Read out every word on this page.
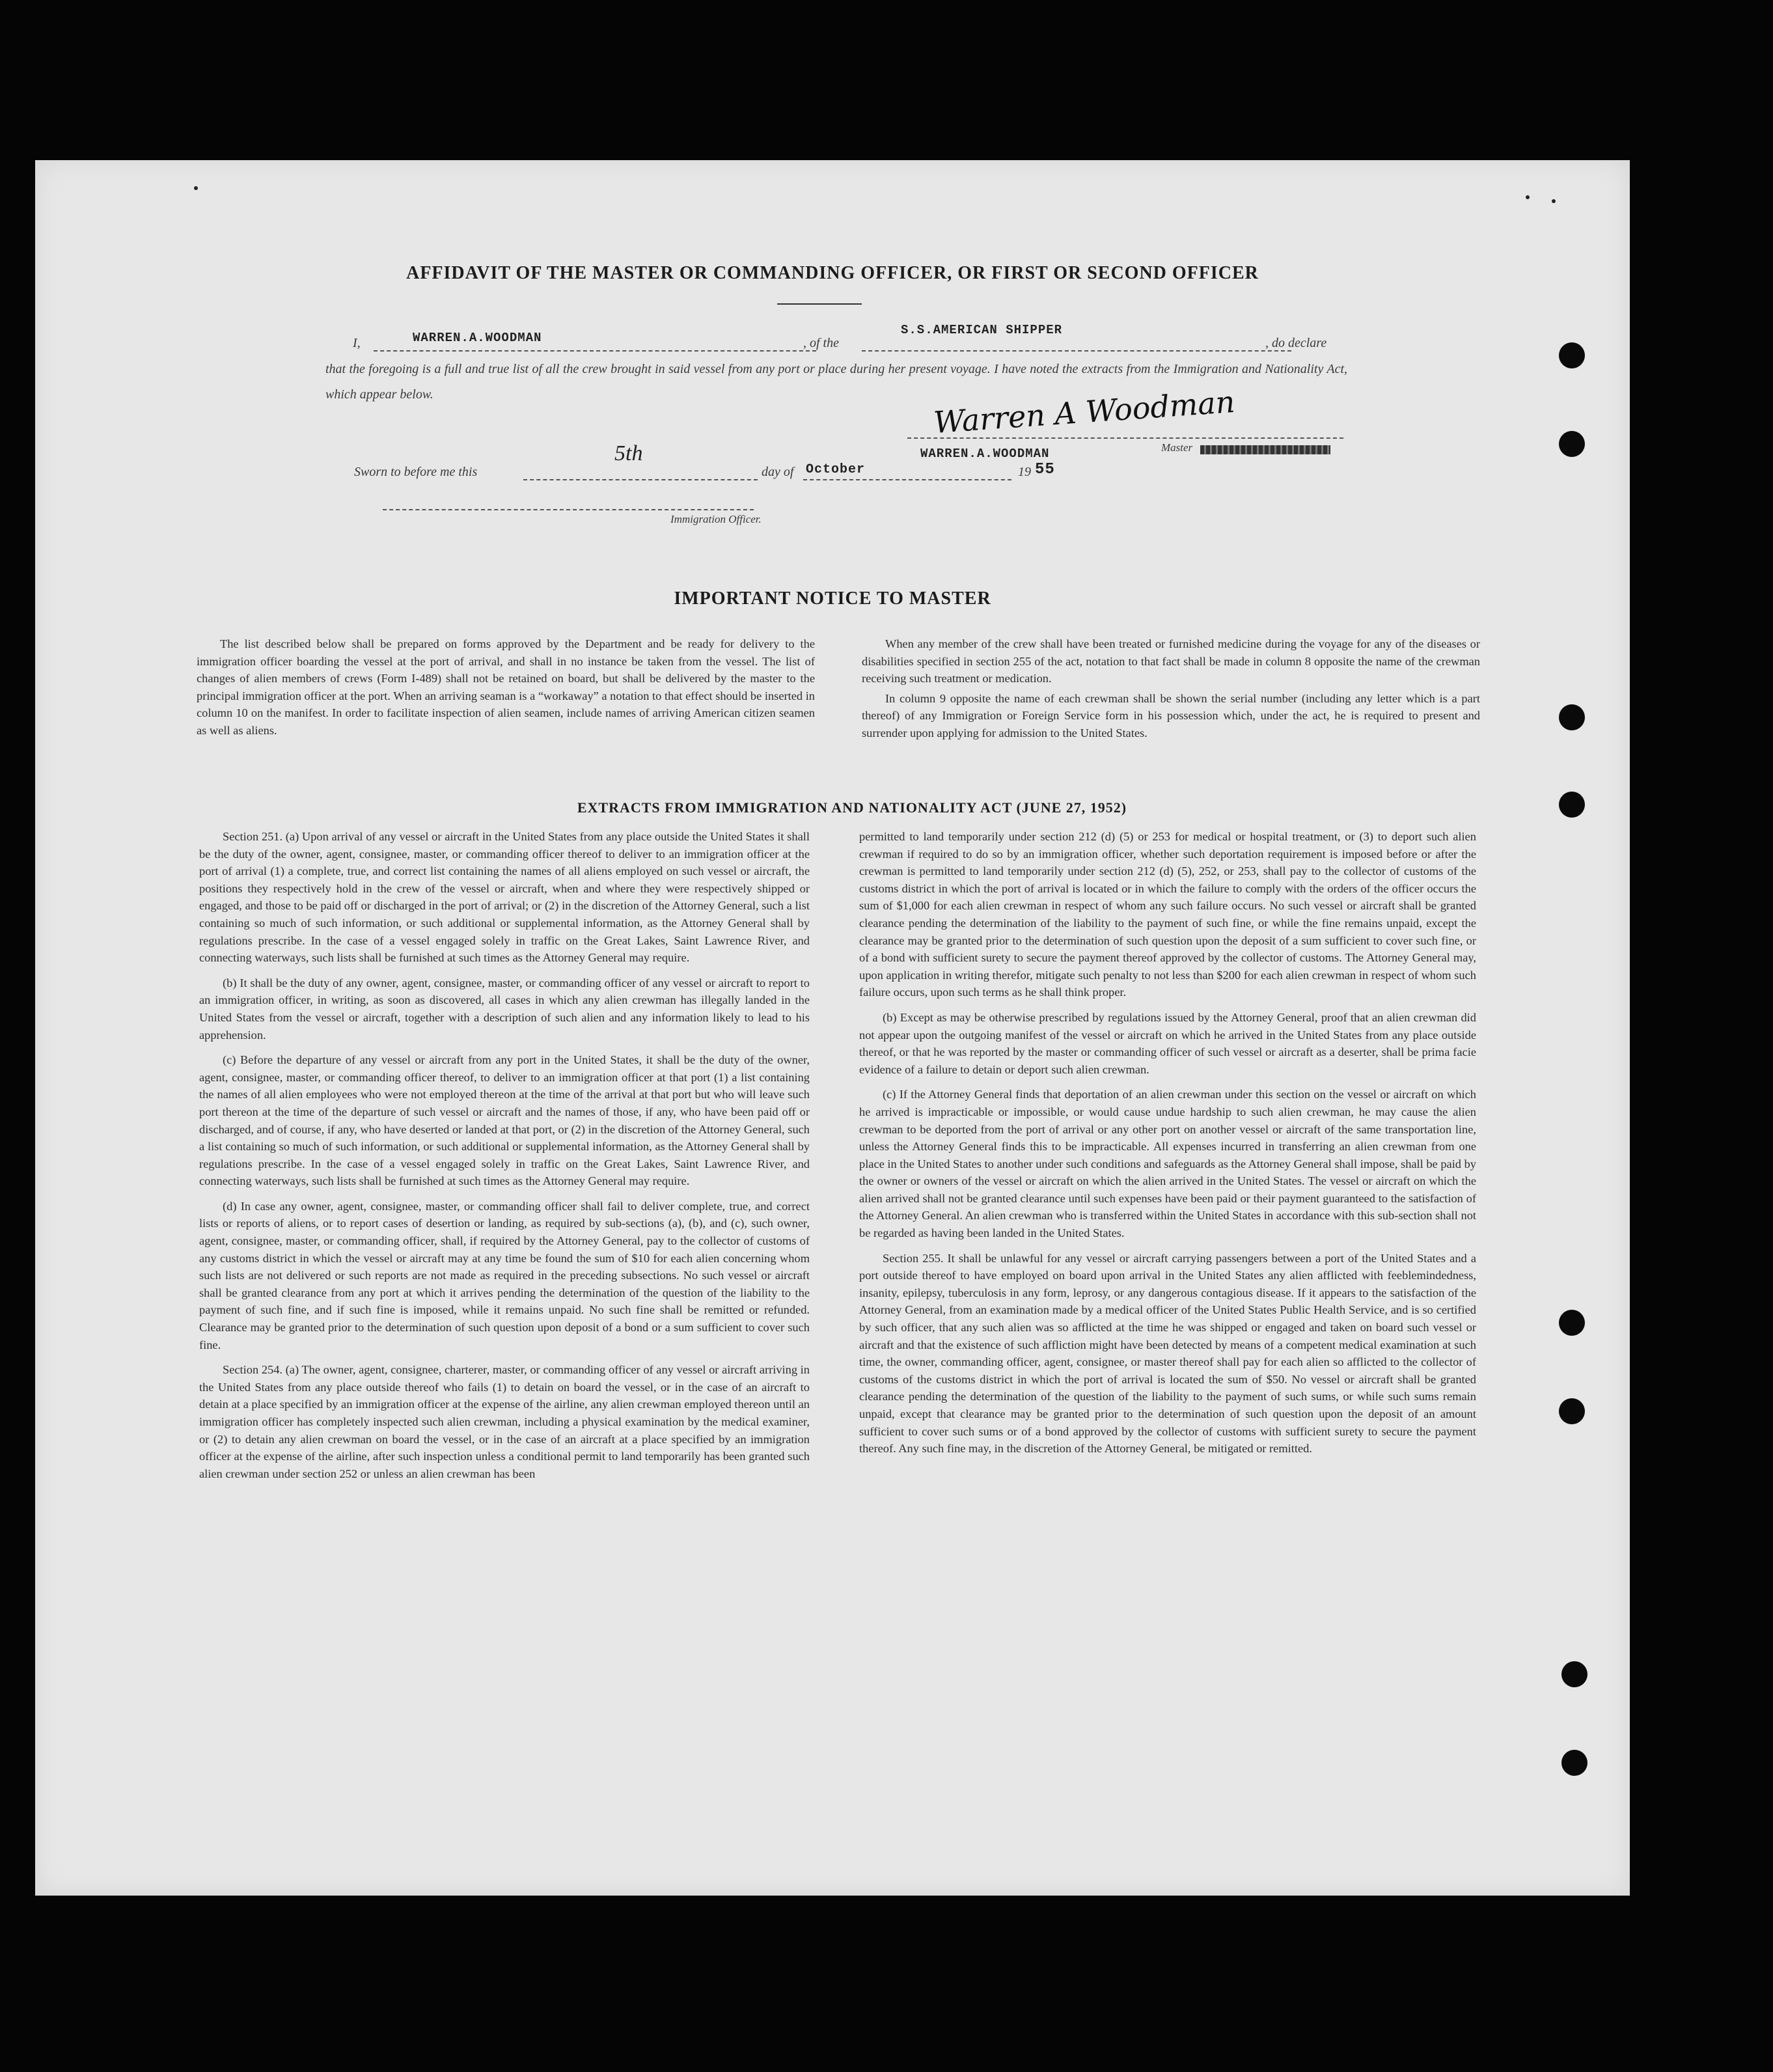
AFFIDAVIT OF THE MASTER OR COMMANDING OFFICER, OR FIRST OR SECOND OFFICER
I,	WARREN.A.WOODMAN	, of the
S.S.AMERICAN SHIPPER
, do declare
that the foregoing is a full and true list of all the crew brought in said vessel from any port or place during her present voyage. I have noted the extracts from the Immigration and Nationality Act, which appear below.	Warren A Woodman
WARREN.A.WOODMAN	Master
Sworn to before me this
5th
day of October	19 55
Immigration Officer.
IMPORTANT NOTICE TO MASTER

The list described below shall be prepared on forms approved by the Department and be ready for delivery to the immigration officer boarding the vessel at the port of arrival, and shall in no instance be taken from the vessel. The list of changes of alien members of crews (Form I-489) shall not be retained on board, but shall be delivered by the master to the principal immigration officer at the port. When an arriving seaman is a “workaway” a notation to that effect should be inserted in column 10 on the manifest. In order to facilitate inspection of alien seamen, include names of arriving American citizen seamen as well as aliens.

When any member of the crew shall have been treated or furnished medicine during the voyage for any of the diseases or disabilities specified in section 255 of the act, notation to that fact shall be made in column 8 opposite the name of the crewman receiving such treatment or medication.

In column 9 opposite the name of each crewman shall be shown the serial number (including any letter which is a part thereof) of any Immigration or Foreign Service form in his possession which, under the act, he is required to present and surrender upon applying for admission to the United States.

EXTRACTS FROM IMMIGRATION AND NATIONALITY ACT (JUNE 27, 1952)

Section 251. (a) Upon arrival of any vessel or aircraft in the United States from any place outside the United States it shall be the duty of the owner, agent, consignee, master, or commanding officer thereof to deliver to an immigration officer at the port of arrival (1) a complete, true, and correct list containing the names of all aliens employed on such vessel or aircraft, the positions they respectively hold in the crew of the vessel or aircraft, when and where they were respectively shipped or engaged, and those to be paid off or discharged in the port of arrival; or (2) in the discretion of the Attorney General, such a list containing so much of such information, or such additional or supplemental information, as the Attorney General shall by regulations prescribe. In the case of a vessel engaged solely in traffic on the Great Lakes, Saint Lawrence River, and connecting waterways, such lists shall be furnished at such times as the Attorney General may require.

(b) It shall be the duty of any owner, agent, consignee, master, or commanding officer of any vessel or aircraft to report to an immigration officer, in writing, as soon as discovered, all cases in which any alien crewman has illegally landed in the United States from the vessel or aircraft, together with a description of such alien and any information likely to lead to his apprehension.

(c) Before the departure of any vessel or aircraft from any port in the United States, it shall be the duty of the owner, agent, consignee, master, or commanding officer thereof, to deliver to an immigration officer at that port (1) a list containing the names of all alien employees who were not employed thereon at the time of the arrival at that port but who will leave such port thereon at the time of the departure of such vessel or aircraft and the names of those, if any, who have been paid off or discharged, and of course, if any, who have deserted or landed at that port, or (2) in the discretion of the Attorney General, such a list containing so much of such information, or such additional or supplemental information, as the Attorney General shall by regulations prescribe. In the case of a vessel engaged solely in traffic on the Great Lakes, Saint Lawrence River, and connecting waterways, such lists shall be furnished at such times as the Attorney General may require.

(d) In case any owner, agent, consignee, master, or commanding officer shall fail to deliver complete, true, and correct lists or reports of aliens, or to report cases of desertion or landing, as required by sub-sections (a), (b), and (c), such owner, agent, consignee, master, or commanding officer, shall, if required by the Attorney General, pay to the collector of customs of any customs district in which the vessel or aircraft may at any time be found the sum of $10 for each alien concerning whom such lists are not delivered or such reports are not made as required in the preceding subsections. No such vessel or aircraft shall be granted clearance from any port at which it arrives pending the determination of the question of the liability to the payment of such fine, and if such fine is imposed, while it remains unpaid. No such fine shall be remitted or refunded. Clearance may be granted prior to the determination of such question upon deposit of a bond or a sum sufficient to cover such fine.

Section 254. (a) The owner, agent, consignee, charterer, master, or commanding officer of any vessel or aircraft arriving in the United States from any place outside thereof who fails (1) to detain on board the vessel, or in the case of an aircraft to detain at a place specified by an immigration officer at the expense of the airline, any alien crewman employed thereon until an immigration officer has completely inspected such alien crewman, including a physical examination by the medical examiner, or (2) to detain any alien crewman on board the vessel, or in the case of an aircraft at a place specified by an immigration officer at the expense of the airline, after such inspection unless a conditional permit to land temporarily has been granted such alien crewman under section 252 or unless an alien crewman has been

permitted to land temporarily under section 212 (d) (5) or 253 for medical or hospital treatment, or (3) to deport such alien crewman if required to do so by an immigration officer, whether such deportation requirement is imposed before or after the crewman is permitted to land temporarily under section 212 (d) (5), 252, or 253, shall pay to the collector of customs of the customs district in which the port of arrival is located or in which the failure to comply with the orders of the officer occurs the sum of $1,000 for each alien crewman in respect of whom any such failure occurs. No such vessel or aircraft shall be granted clearance pending the determination of the liability to the payment of such fine, or while the fine remains unpaid, except the clearance may be granted prior to the determination of such question upon the deposit of a sum sufficient to cover such fine, or of a bond with sufficient surety to secure the payment thereof approved by the collector of customs. The Attorney General may, upon application in writing therefor, mitigate such penalty to not less than $200 for each alien crewman in respect of whom such failure occurs, upon such terms as he shall think proper.

(b) Except as may be otherwise prescribed by regulations issued by the Attorney General, proof that an alien crewman did not appear upon the outgoing manifest of the vessel or aircraft on which he arrived in the United States from any place outside thereof, or that he was reported by the master or commanding officer of such vessel or aircraft as a deserter, shall be prima facie evidence of a failure to detain or deport such alien crewman.

(c) If the Attorney General finds that deportation of an alien crewman under this section on the vessel or aircraft on which he arrived is impracticable or impossible, or would cause undue hardship to such alien crewman, he may cause the alien crewman to be deported from the port of arrival or any other port on another vessel or aircraft of the same transportation line, unless the Attorney General finds this to be impracticable. All expenses incurred in transferring an alien crewman from one place in the United States to another under such conditions and safeguards as the Attorney General shall impose, shall be paid by the owner or owners of the vessel or aircraft on which the alien arrived in the United States. The vessel or aircraft on which the alien arrived shall not be granted clearance until such expenses have been paid or their payment guaranteed to the satisfaction of the Attorney General. An alien crewman who is transferred within the United States in accordance with this sub-section shall not be regarded as having been landed in the United States.

Section 255. It shall be unlawful for any vessel or aircraft carrying passengers between a port of the United States and a port outside thereof to have employed on board upon arrival in the United States any alien afflicted with feeblemindedness, insanity, epilepsy, tuberculosis in any form, leprosy, or any dangerous contagious disease. If it appears to the satisfaction of the Attorney General, from an examination made by a medical officer of the United States Public Health Service, and is so certified by such officer, that any such alien was so afflicted at the time he was shipped or engaged and taken on board such vessel or aircraft and that the existence of such affliction might have been detected by means of a competent medical examination at such time, the owner, commanding officer, agent, consignee, or master thereof shall pay for each alien so afflicted to the collector of customs of the customs district in which the port of arrival is located the sum of $50. No vessel or aircraft shall be granted clearance pending the determination of the question of the liability to the payment of such sums, or while such sums remain unpaid, except that clearance may be granted prior to the determination of such question upon the deposit of an amount sufficient to cover such sums or of a bond approved by the collector of customs with sufficient surety to secure the payment thereof. Any such fine may, in the discretion of the Attorney General, be mitigated or remitted.
